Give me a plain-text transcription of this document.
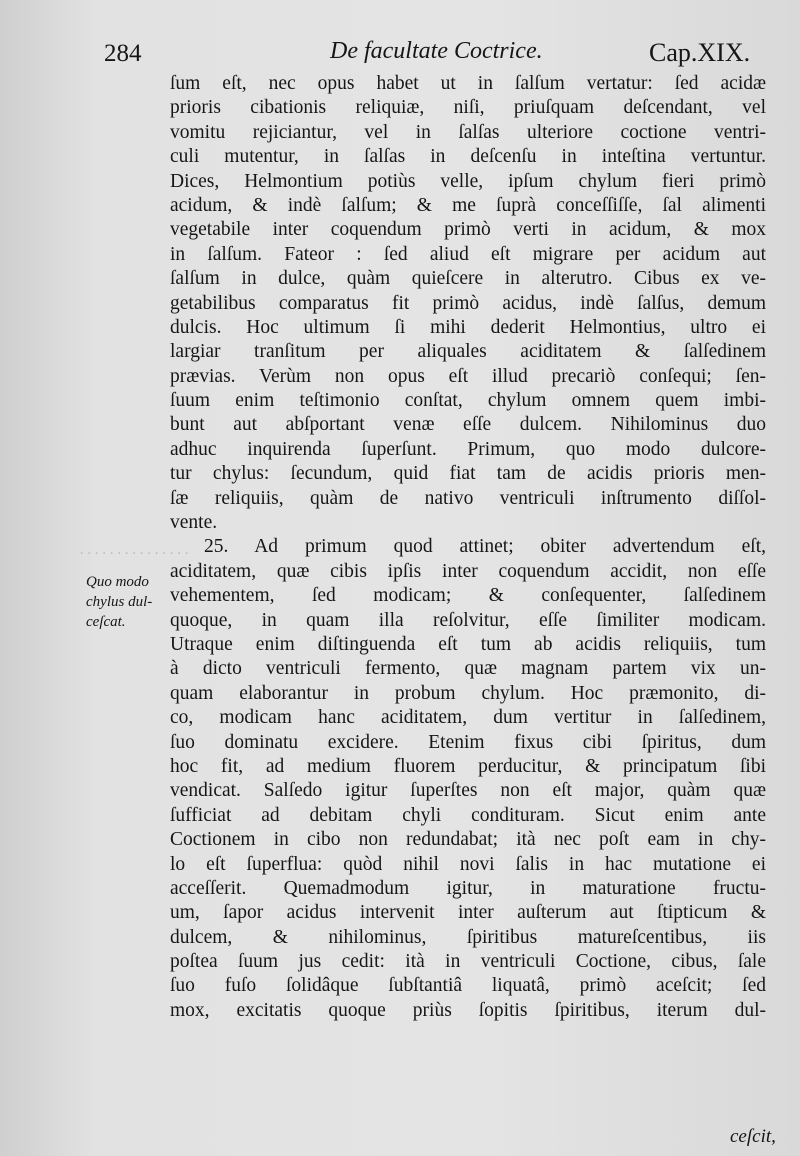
· · · · · · · · · · · · · · ·
284	De facultate Coctrice.	Cap.XIX.
Quo modo
chylus dul-
ceſcat.
ſum eſt, nec opus habet ut in ſalſum vertatur: ſed acidæ
prioris cibationis reliquiæ, niſi, priuſquam deſcendant, vel
vomitu rejiciantur, vel in ſalſas ulteriore coctione ventri-
culi mutentur, in ſalſas in deſcenſu in inteſtina vertuntur.
Dices, Helmontium potiùs velle, ipſum chylum fieri primò
acidum, & indè ſalſum; & me ſuprà conceſſiſſe, ſal alimenti
vegetabile inter coquendum primò verti in acidum, & mox
in ſalſum. Fateor : ſed aliud eſt migrare per acidum aut
ſalſum in dulce, quàm quieſcere in alterutro. Cibus ex ve-
getabilibus comparatus fit primò acidus, indè ſalſus, demum
dulcis. Hoc ultimum ſi mihi dederit Helmontius, ultro ei
largiar tranſitum per aliquales aciditatem & ſalſedinem
prævias. Verùm non opus eſt illud precariò conſequi; ſen-
ſuum enim teſtimonio conſtat, chylum omnem quem imbi-
bunt aut abſportant venæ eſſe dulcem. Nihilominus duo
adhuc inquirenda ſuperſunt. Primum, quo modo dulcore-
tur chylus: ſecundum, quid fiat tam de acidis prioris men-
ſæ reliquiis, quàm de nativo ventriculi inſtrumento diſſol-
vente.
25. Ad primum quod attinet; obiter advertendum eſt,
aciditatem, quæ cibis ipſis inter coquendum accidit, non eſſe
vehementem, ſed modicam; & conſequenter, ſalſedinem
quoque, in quam illa reſolvitur, eſſe ſimiliter modicam.
Utraque enim diſtinguenda eſt tum ab acidis reliquiis, tum
à dicto ventriculi fermento, quæ magnam partem vix un-
quam elaborantur in probum chylum. Hoc præmonito, di-
co, modicam hanc aciditatem, dum vertitur in ſalſedinem,
ſuo dominatu excidere. Etenim fixus cibi ſpiritus, dum
hoc fit, ad medium fluorem perducitur, & principatum ſibi
vendicat. Salſedo igitur ſuperſtes non eſt major, quàm quæ
ſufficiat ad debitam chyli condituram. Sicut enim ante
Coctionem in cibo non redundabat; ità nec poſt eam in chy-
lo eſt ſuperflua: quòd nihil novi ſalis in hac mutatione ei
acceſſerit. Quemadmodum igitur, in maturatione fructu-
um, ſapor acidus intervenit inter auſterum aut ſtipticum &
dulcem, & nihilominus, ſpiritibus matureſcentibus, iis
poſtea ſuum jus cedit: ità in ventriculi Coctione, cibus, ſale
ſuo fuſo ſolidâque ſubſtantiâ liquatâ, primò aceſcit; ſed
mox, excitatis quoque priùs ſopitis ſpiritibus, iterum dul-
ceſcit,
